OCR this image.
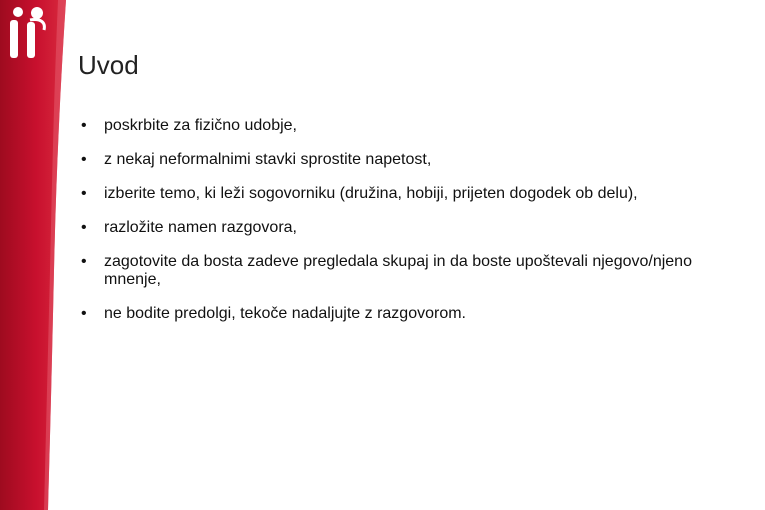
Uvod
• poskrbite za fizično udobje,
• z nekaj neformalnimi stavki sprostite napetost,
• izberite temo, ki leži sogovorniku (družina, hobiji, prijeten dogodek ob delu),
• razložite namen razgovora,
• zagotovite da bosta zadeve pregledala skupaj in da boste upoštevali njegovo/njeno mnenje,
• ne bodite predolgi, tekoče nadaljujte z razgovorom.
